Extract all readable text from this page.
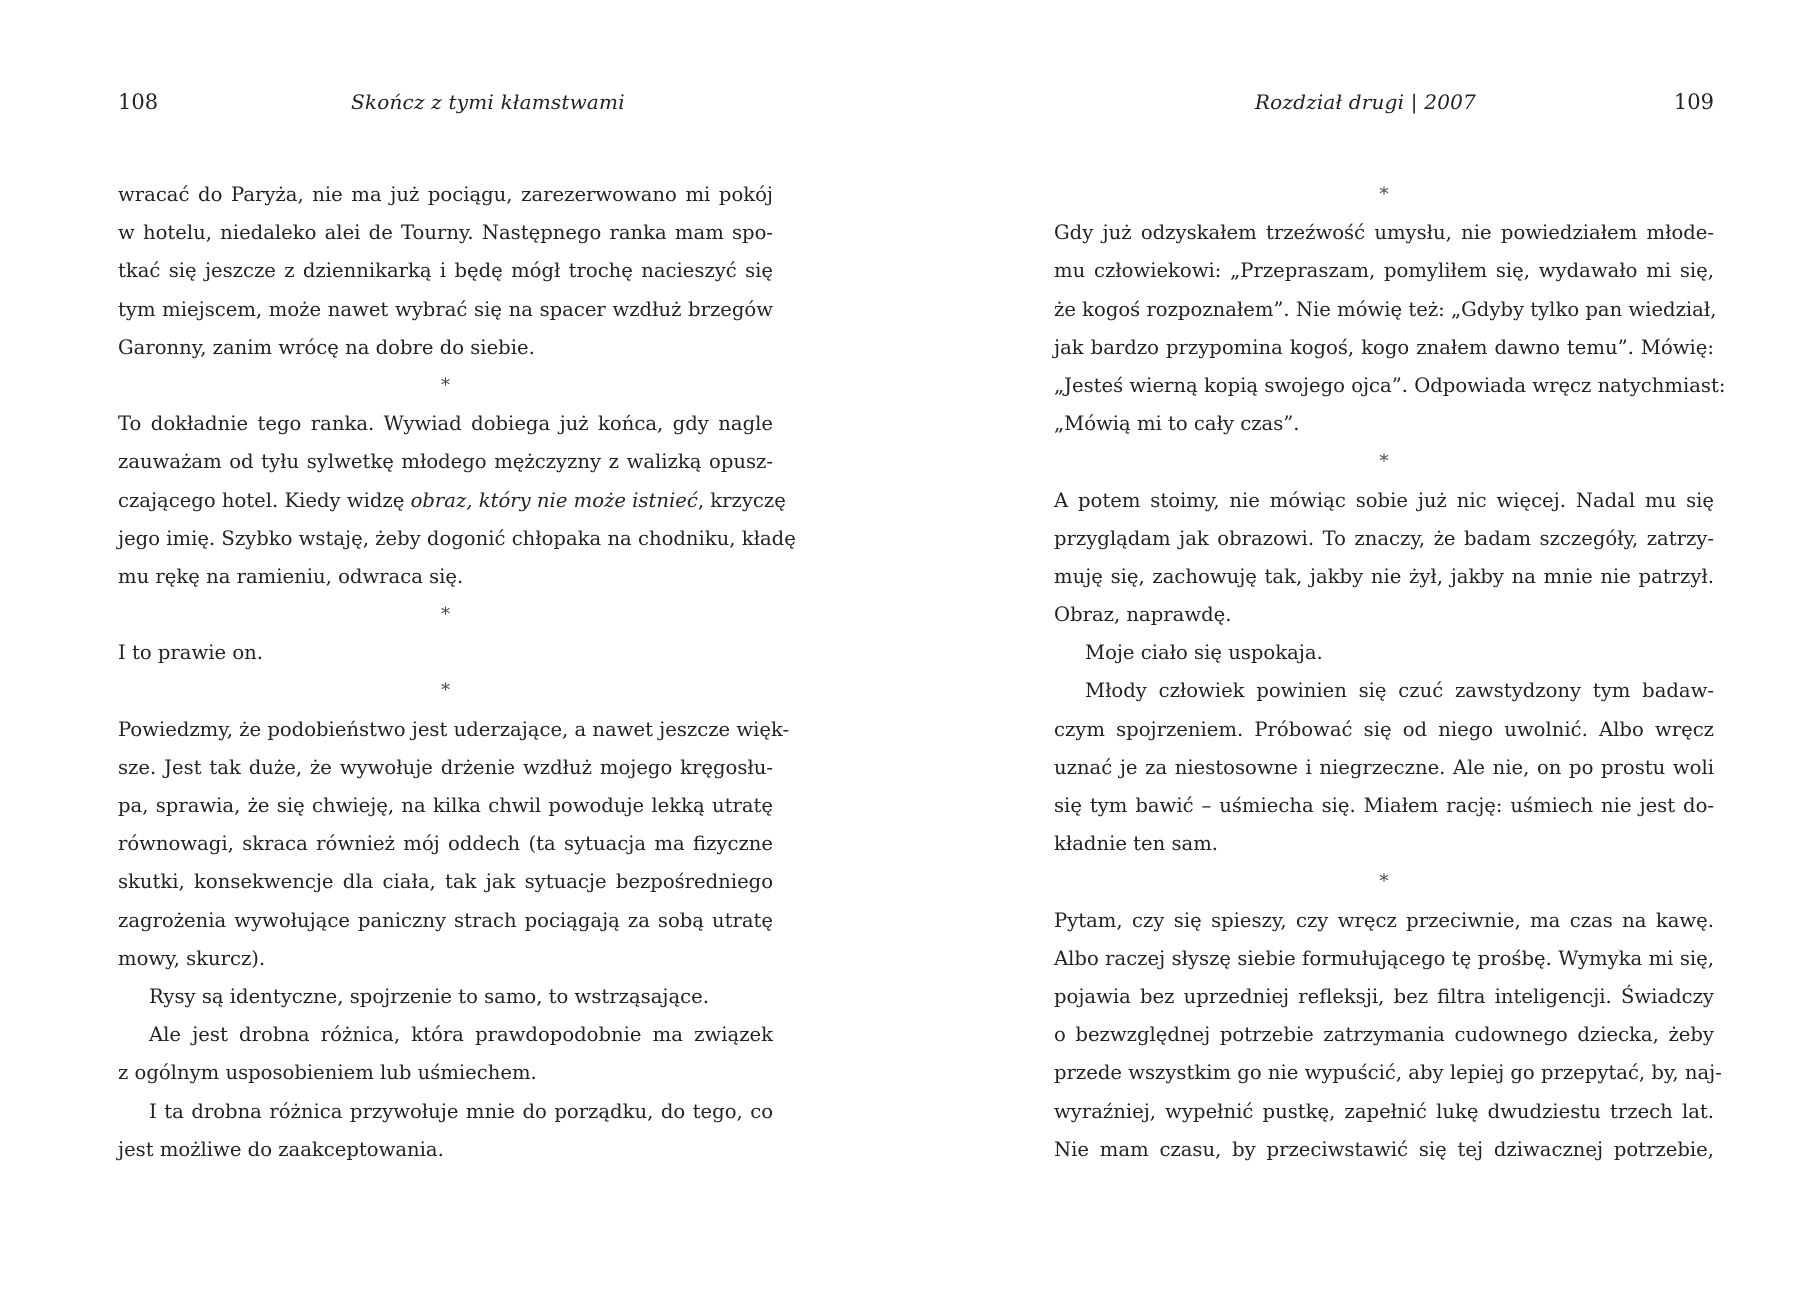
108	Skończ z tymi kłamstwami
wracać do Paryża, nie ma już pociągu, zarezerwowano mi pokój
w hotelu, niedaleko alei de Tourny. Następnego ranka mam spo-
tkać się jeszcze z dziennikarką i będę mógł trochę nacieszyć się
tym miejscem, może nawet wybrać się na spacer wzdłuż brzegów
Garonny, zanim wrócę na dobre do siebie.
*
To dokładnie tego ranka. Wywiad dobiega już końca, gdy nagle
zauważam od tyłu sylwetkę młodego mężczyzny z walizką opusz-
czającego hotel. Kiedy widzę obraz, który nie może istnieć, krzyczę
jego imię. Szybko wstaję, żeby dogonić chłopaka na chodniku, kładę
mu rękę na ramieniu, odwraca się.
*
I to prawie on.
*
Powiedzmy, że podobieństwo jest uderzające, a nawet jeszcze więk-
sze. Jest tak duże, że wywołuje drżenie wzdłuż mojego kręgosłu-
pa, sprawia, że się chwieję, na kilka chwil powoduje lekką utratę
równowagi, skraca również mój oddech (ta sytuacja ma fizyczne
skutki, konsekwencje dla ciała, tak jak sytuacje bezpośredniego
zagrożenia wywołujące paniczny strach pociągają za sobą utratę
mowy, skurcz).
Rysy są identyczne, spojrzenie to samo, to wstrząsające.
Ale jest drobna różnica, która prawdopodobnie ma związek
z ogólnym usposobieniem lub uśmiechem.
I ta drobna różnica przywołuje mnie do porządku, do tego, co
jest możliwe do zaakceptowania.
Rozdział drugi | 2007	109
*
Gdy już odzyskałem trzeźwość umysłu, nie powiedziałem młode-
mu człowiekowi: „Przepraszam, pomyliłem się, wydawało mi się,
że kogoś rozpoznałem”. Nie mówię też: „Gdyby tylko pan wiedział,
jak bardzo przypomina kogoś, kogo znałem dawno temu”. Mówię:
„Jesteś wierną kopią swojego ojca”. Odpowiada wręcz natychmiast:
„Mówią mi to cały czas”.
*
A potem stoimy, nie mówiąc sobie już nic więcej. Nadal mu się
przyglądam jak obrazowi. To znaczy, że badam szczegóły, zatrzy-
muję się, zachowuję tak, jakby nie żył, jakby na mnie nie patrzył.
Obraz, naprawdę.
Moje ciało się uspokaja.
Młody człowiek powinien się czuć zawstydzony tym badaw-
czym spojrzeniem. Próbować się od niego uwolnić. Albo wręcz
uznać je za niestosowne i niegrzeczne. Ale nie, on po prostu woli
się tym bawić – uśmiecha się. Miałem rację: uśmiech nie jest do-
kładnie ten sam.
*
Pytam, czy się spieszy, czy wręcz przeciwnie, ma czas na kawę.
Albo raczej słyszę siebie formułującego tę prośbę. Wymyka mi się,
pojawia bez uprzedniej refleksji, bez filtra inteligencji. Świadczy
o bezwzględnej potrzebie zatrzymania cudownego dziecka, żeby
przede wszystkim go nie wypuścić, aby lepiej go przepytać, by, naj-
wyraźniej, wypełnić pustkę, zapełnić lukę dwudziestu trzech lat.
Nie mam czasu, by przeciwstawić się tej dziwacznej potrzebie,
